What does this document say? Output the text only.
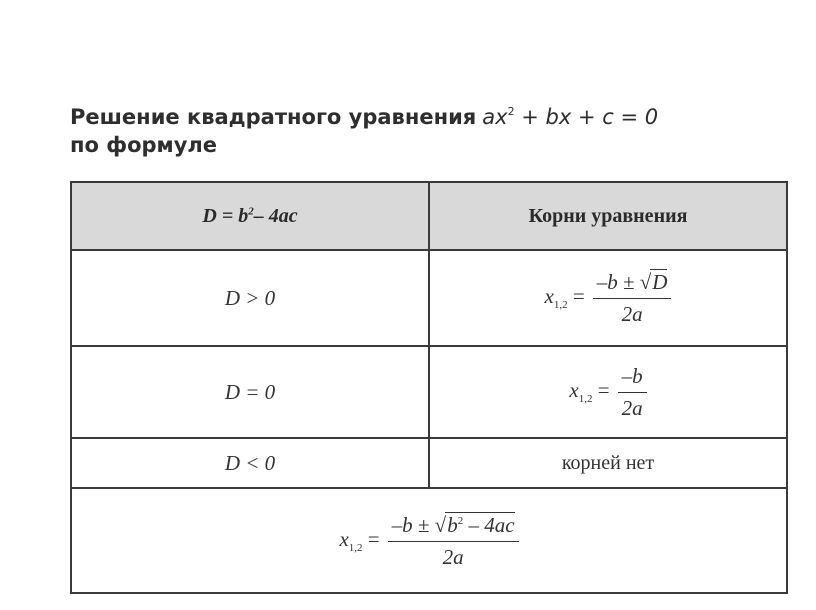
Решение квадратного уравнения $ax^2$ + bx + c = 0
по формуле
$D = b^2-$ 4ac	Корни уравнения
D > 0	$x_{1,2} = \frac{-b \pm √D}{2a}$

D = 0	$x_{1,2} = \frac{-b}{2a}$

D < 0	корней нет
$x_{1,2} = \frac{-b \pm √b^2 - 4ac}{2a}$
